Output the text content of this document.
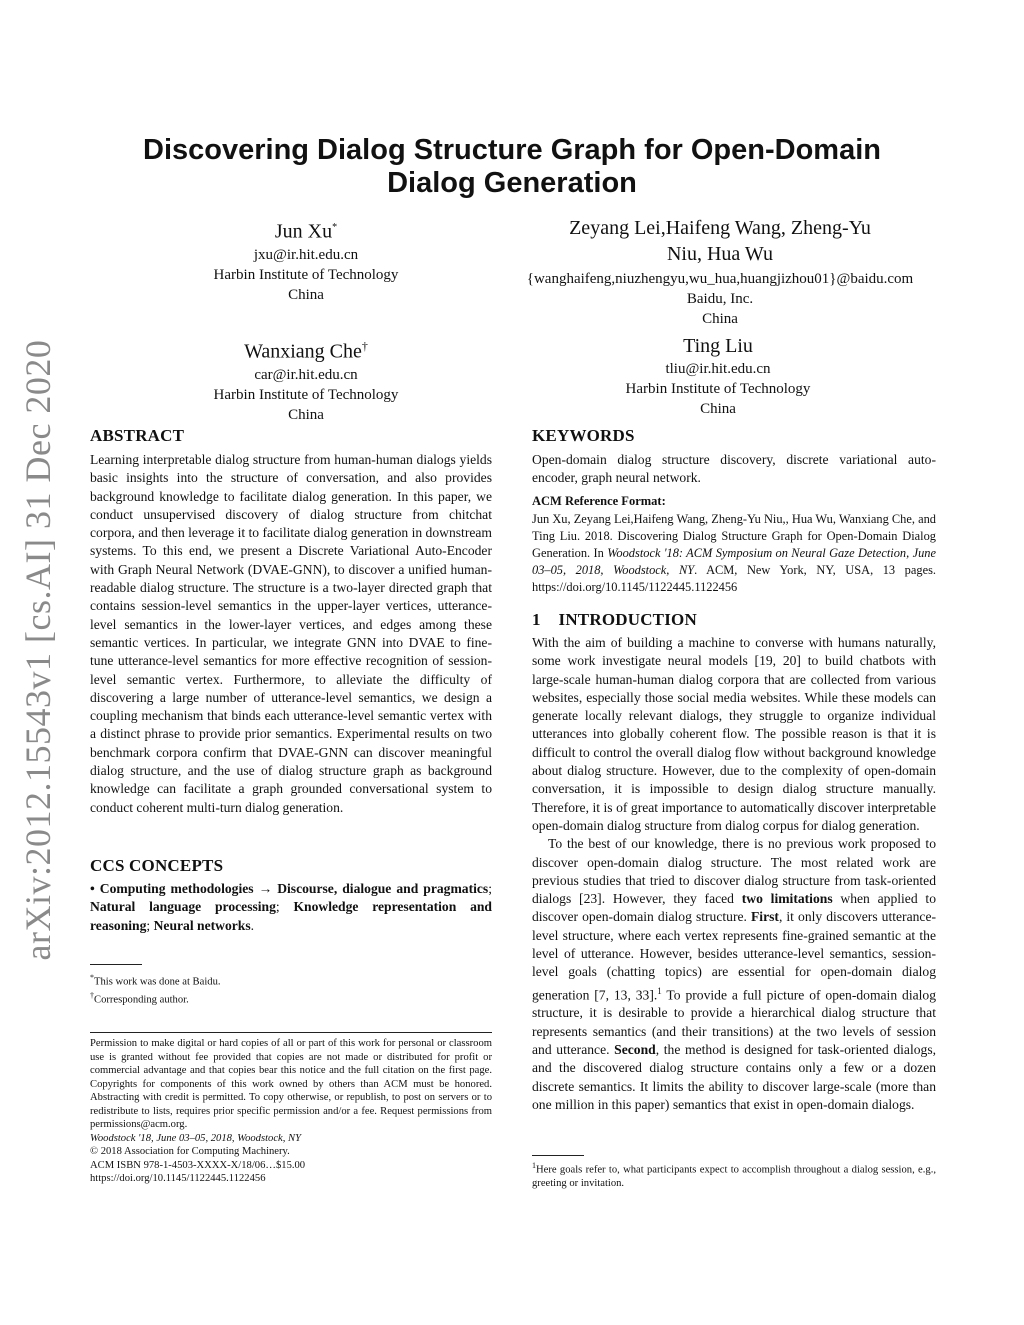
arXiv:2012.15543v1 [cs.AI] 31 Dec 2020
Discovering Dialog Structure Graph for Open-Domain Dialog Generation
Jun Xu*
jxu@ir.hit.edu.cn
Harbin Institute of Technology
China
Zeyang Lei,Haifeng Wang, Zheng-Yu Niu, Hua Wu
{wanghaifeng,niuzhengyu,wu_hua,huangjizhou01}@baidu.com
Baidu, Inc.
China
Wanxiang Che†
car@ir.hit.edu.cn
Harbin Institute of Technology
China
Ting Liu
tliu@ir.hit.edu.cn
Harbin Institute of Technology
China
ABSTRACT
Learning interpretable dialog structure from human-human dialogs yields basic insights into the structure of conversation, and also provides background knowledge to facilitate dialog generation. In this paper, we conduct unsupervised discovery of dialog structure from chitchat corpora, and then leverage it to facilitate dialog generation in downstream systems. To this end, we present a Discrete Variational Auto-Encoder with Graph Neural Network (DVAE-GNN), to discover a unified human-readable dialog structure. The structure is a two-layer directed graph that contains session-level semantics in the upper-layer vertices, utterance-level semantics in the lower-layer vertices, and edges among these semantic vertices. In particular, we integrate GNN into DVAE to fine-tune utterance-level semantics for more effective recognition of session-level semantic vertex. Furthermore, to alleviate the difficulty of discovering a large number of utterance-level semantics, we design a coupling mechanism that binds each utterance-level semantic vertex with a distinct phrase to provide prior semantics. Experimental results on two benchmark corpora confirm that DVAE-GNN can discover meaningful dialog structure, and the use of dialog structure graph as background knowledge can facilitate a graph grounded conversational system to conduct coherent multi-turn dialog generation.
CCS CONCEPTS
• Computing methodologies → Discourse, dialogue and pragmatics; Natural language processing; Knowledge representation and reasoning; Neural networks.
*This work was done at Baidu.
†Corresponding author.
Permission to make digital or hard copies of all or part of this work for personal or classroom use is granted without fee provided that copies are not made or distributed for profit or commercial advantage and that copies bear this notice and the full citation on the first page. Copyrights for components of this work owned by others than ACM must be honored. Abstracting with credit is permitted. To copy otherwise, or republish, to post on servers or to redistribute to lists, requires prior specific permission and/or a fee. Request permissions from permissions@acm.org.
Woodstock '18, June 03–05, 2018, Woodstock, NY
© 2018 Association for Computing Machinery.
ACM ISBN 978-1-4503-XXXX-X/18/06…$15.00
https://doi.org/10.1145/1122445.1122456
KEYWORDS
Open-domain dialog structure discovery, discrete variational auto-encoder, graph neural network.
ACM Reference Format:
Jun Xu, Zeyang Lei,Haifeng Wang, Zheng-Yu Niu,, Hua Wu, Wanxiang Che, and Ting Liu. 2018. Discovering Dialog Structure Graph for Open-Domain Dialog Generation. In Woodstock '18: ACM Symposium on Neural Gaze Detection, June 03–05, 2018, Woodstock, NY. ACM, New York, NY, USA, 13 pages. https://doi.org/10.1145/1122445.1122456
1 INTRODUCTION

With the aim of building a machine to converse with humans naturally, some work investigate neural models [19, 20] to build chatbots with large-scale human-human dialog corpora that are collected from various websites, especially those social media websites. While these models can generate locally relevant dialogs, they struggle to organize individual utterances into globally coherent flow. The possible reason is that it is difficult to control the overall dialog flow without background knowledge about dialog structure. However, due to the complexity of open-domain conversation, it is impossible to design dialog structure manually. Therefore, it is of great importance to automatically discover interpretable open-domain dialog structure from dialog corpus for dialog generation.

To the best of our knowledge, there is no previous work proposed to discover open-domain dialog structure. The most related work are previous studies that tried to discover dialog structure from task-oriented dialogs [23]. However, they faced two limitations when applied to discover open-domain dialog structure. First, it only discovers utterance-level structure, where each vertex represents fine-grained semantic at the level of utterance. However, besides utterance-level semantics, session-level goals (chatting topics) are essential for open-domain dialog generation [7, 13, 33].$^1$ To provide a full picture of open-domain dialog structure, it is desirable to provide a hierarchical dialog structure that represents semantics (and their transitions) at the two levels of session and utterance. Second, the method is designed for task-oriented dialogs, and the discovered dialog structure contains only a few or a dozen discrete semantics. It limits the ability to discover large-scale (more than one million in this paper) semantics that exist in open-domain dialogs.

$^1$Here goals refer to, what participants expect to accomplish throughout a dialog session, e.g., greeting or invitation.
